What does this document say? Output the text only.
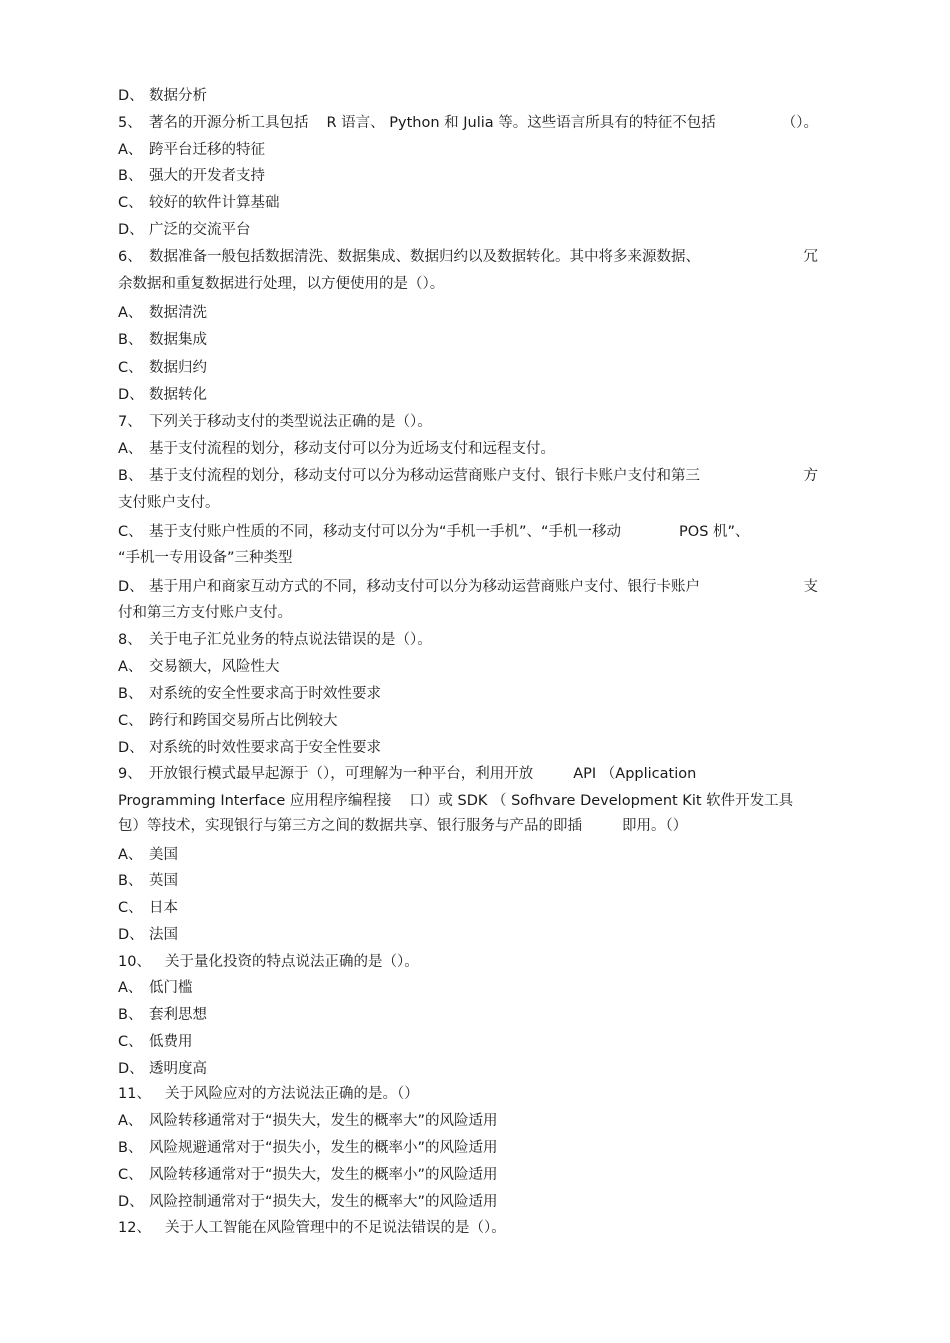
D、 数据分析
5、 著名的开源分析工具包括 R 语言、 Python 和 Julia 等。这些语言所具有的特征不包括	（）。
A、 跨平台迁移的特征
B、 强大的开发者支持
C、 较好的软件计算基础
D、 广泛的交流平台
6、 数据准备一般包括数据清洗、数据集成、数据归约以及数据转化。其中将多来源数据、	冗
余数据和重复数据进行处理，以方便使用的是（）。
A、 数据清洗
B、 数据集成
C、 数据归约
D、 数据转化
7、 下列关于移动支付的类型说法正确的是（）。
A、 基于支付流程的划分，移动支付可以分为近场支付和远程支付。
B、 基于支付流程的划分，移动支付可以分为移动运营商账户支付、银行卡账户支付和第三	方
支付账户支付。
C、 基于支付账户性质的不同，移动支付可以分为“手机一手机”、“手机一移动	POS 机”、
“手机一专用设备”三种类型
D、 基于用户和商家互动方式的不同，移动支付可以分为移动运营商账户支付、银行卡账户	支
付和第三方支付账户支付。
8、 关于电子汇兑业务的特点说法错误的是（）。
A、 交易额大，风险性大
B、 对系统的安全性要求高于时效性要求
C、 跨行和跨国交易所占比例较大
D、 对系统的时效性要求高于安全性要求
9、 开放银行模式最早起源于（），可理解为一种平台，利用开放	API （Application
Programming Interface 应用程序编程接 口）或 SDK （ Sofhvare Development Kit 软件开发工具
包）等技术，实现银行与第三方之间的数据共享、银行服务与产品的即插	即用。（）
A、 美国
B、 英国
C、 日本
D、 法国
10、 关于量化投资的特点说法正确的是（）。
A、 低门槛
B、 套利思想
C、 低费用
D、 透明度高
11、 关于风险应对的方法说法正确的是。（）
A、 风险转移通常对于“损失大，发生的概率大”的风险适用
B、 风险规避通常对于“损失小，发生的概率小”的风险适用
C、 风险转移通常对于“损失大，发生的概率小”的风险适用
D、 风险控制通常对于“损失大，发生的概率大”的风险适用
12、 关于人工智能在风险管理中的不足说法错误的是（）。
